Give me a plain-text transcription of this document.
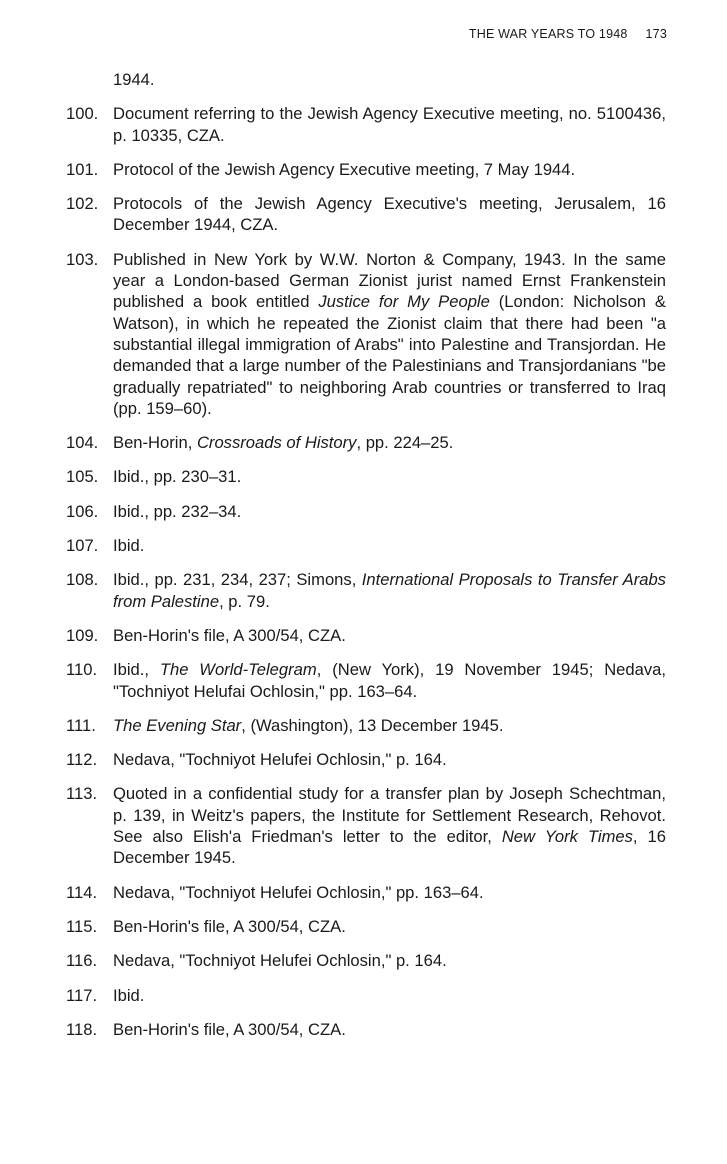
THE WAR YEARS TO 1948 173
1944.
100. Document referring to the Jewish Agency Executive meeting, no. 5100436, p. 10335, CZA.
101. Protocol of the Jewish Agency Executive meeting, 7 May 1944.
102. Protocols of the Jewish Agency Executive's meeting, Jerusalem, 16 December 1944, CZA.
103. Published in New York by W.W. Norton & Company, 1943. In the same year a London-based German Zionist jurist named Ernst Frankenstein published a book entitled Justice for My People (London: Nicholson & Watson), in which he repeated the Zionist claim that there had been "a substantial illegal immigration of Arabs" into Palestine and Transjordan. He demanded that a large number of the Palestinians and Transjordanians "be gradually repatriated" to neighboring Arab countries or transferred to Iraq (pp. 159–60).
104. Ben-Horin, Crossroads of History, pp. 224–25.
105. Ibid., pp. 230–31.
106. Ibid., pp. 232–34.
107. Ibid.
108. Ibid., pp. 231, 234, 237; Simons, International Proposals to Transfer Arabs from Palestine, p. 79.
109. Ben-Horin's file, A 300/54, CZA.
110. Ibid., The World-Telegram, (New York), 19 November 1945; Nedava, "Tochniyot Helufai Ochlosin," pp. 163–64.
111. The Evening Star, (Washington), 13 December 1945.
112. Nedava, "Tochniyot Helufei Ochlosin," p. 164.
113. Quoted in a confidential study for a transfer plan by Joseph Schechtman, p. 139, in Weitz's papers, the Institute for Settlement Research, Rehovot. See also Elish'a Friedman's letter to the editor, New York Times, 16 December 1945.
114. Nedava, "Tochniyot Helufei Ochlosin," pp. 163–64.
115. Ben-Horin's file, A 300/54, CZA.
116. Nedava, "Tochniyot Helufei Ochlosin," p. 164.
117. Ibid.
118. Ben-Horin's file, A 300/54, CZA.
